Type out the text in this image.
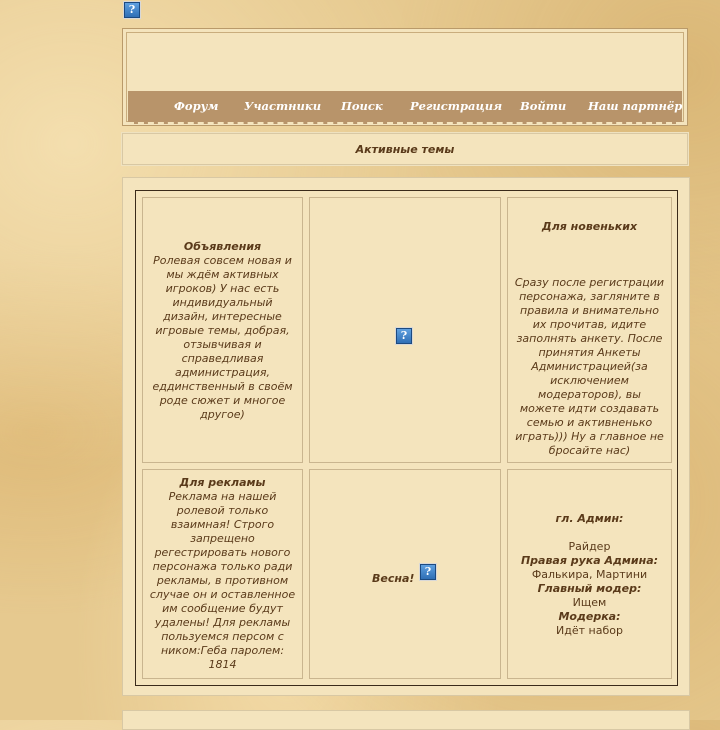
?
Форум Участники Поиск Регистрация Войти Наш партнёр
Активные темы

Объявления

Ролевая совсем новая и мы ждём активных игроков) У нас есть индивидуальный дизайн, интересные игровые темы, добрая, отзывчивая и справедливая администрация, еддинственный в своём роде сюжет и многое другое)

?

Для новеньких

Сразу после регистрации персонажа, загляните в правила и внимательно их прочитав, идите заполнять анкету. После принятия Анкеты Администрацией(за исключением модераторов), вы можете идти создавать семью и активненько играть))) Ну а главное не бросайте нас)

Для рекламы

Реклама на нашей ролевой только взаимная! Строго запрещено регестрировать нового персонажа только ради рекламы, в противном случае он и оставленное им сообщение будут удалены! Для рекламы пользуемся персом с ником:Геба паролем: 1814

Весна!
?

гл. Админ:

Райдер

Правая рука Админа:

Фалькира, Мартини

Главный модер:

Ищем

Модерка:

Идёт набор
